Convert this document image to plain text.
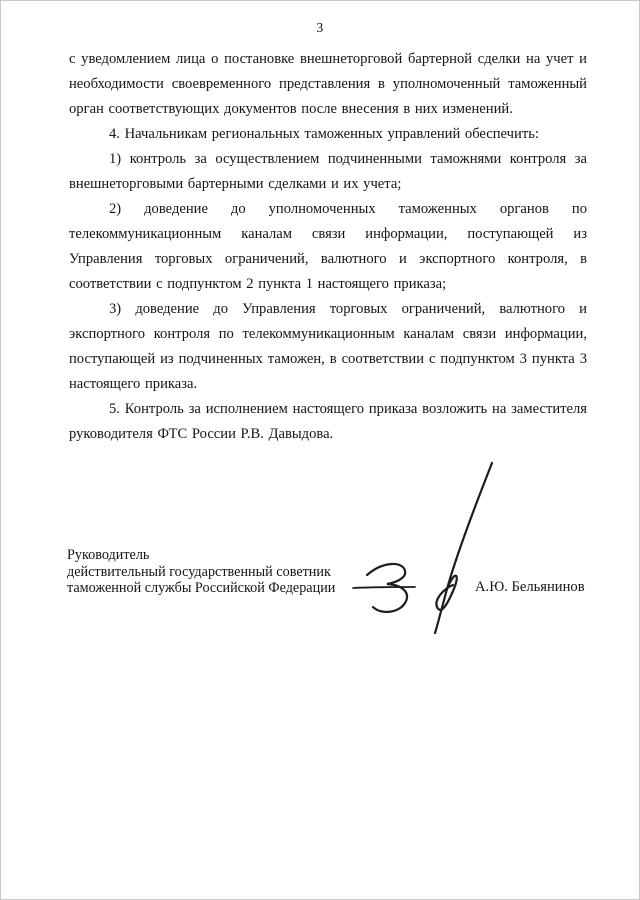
3

с уведомлением лица о постановке внешнеторговой бартерной сделки на учет и необходимости своевременного представления в уполномоченный таможенный орган соответствующих документов после внесения в них изменений.

4. Начальникам региональных таможенных управлений обеспечить:

1) контроль за осуществлением подчиненными таможнями контроля за внешнеторговыми бартерными сделками и их учета;

2) доведение до уполномоченных таможенных органов по телекоммуникационным каналам связи информации, поступающей из Управления торговых ограничений, валютного и экспортного контроля, в соответствии с подпунктом 2 пункта 1 настоящего приказа;

3) доведение до Управления торговых ограничений, валютного и экспортного контроля по телекоммуникационным каналам связи информации, поступающей из подчиненных таможен, в соответствии с подпунктом 3 пункта 3 настоящего приказа.

5. Контроль за исполнением настоящего приказа возложить на заместителя руководителя ФТС России Р.В. Давыдова.

Руководитель
действительный государственный советник
таможенной службы Российской Федерации	А.Ю. Бельянинов
